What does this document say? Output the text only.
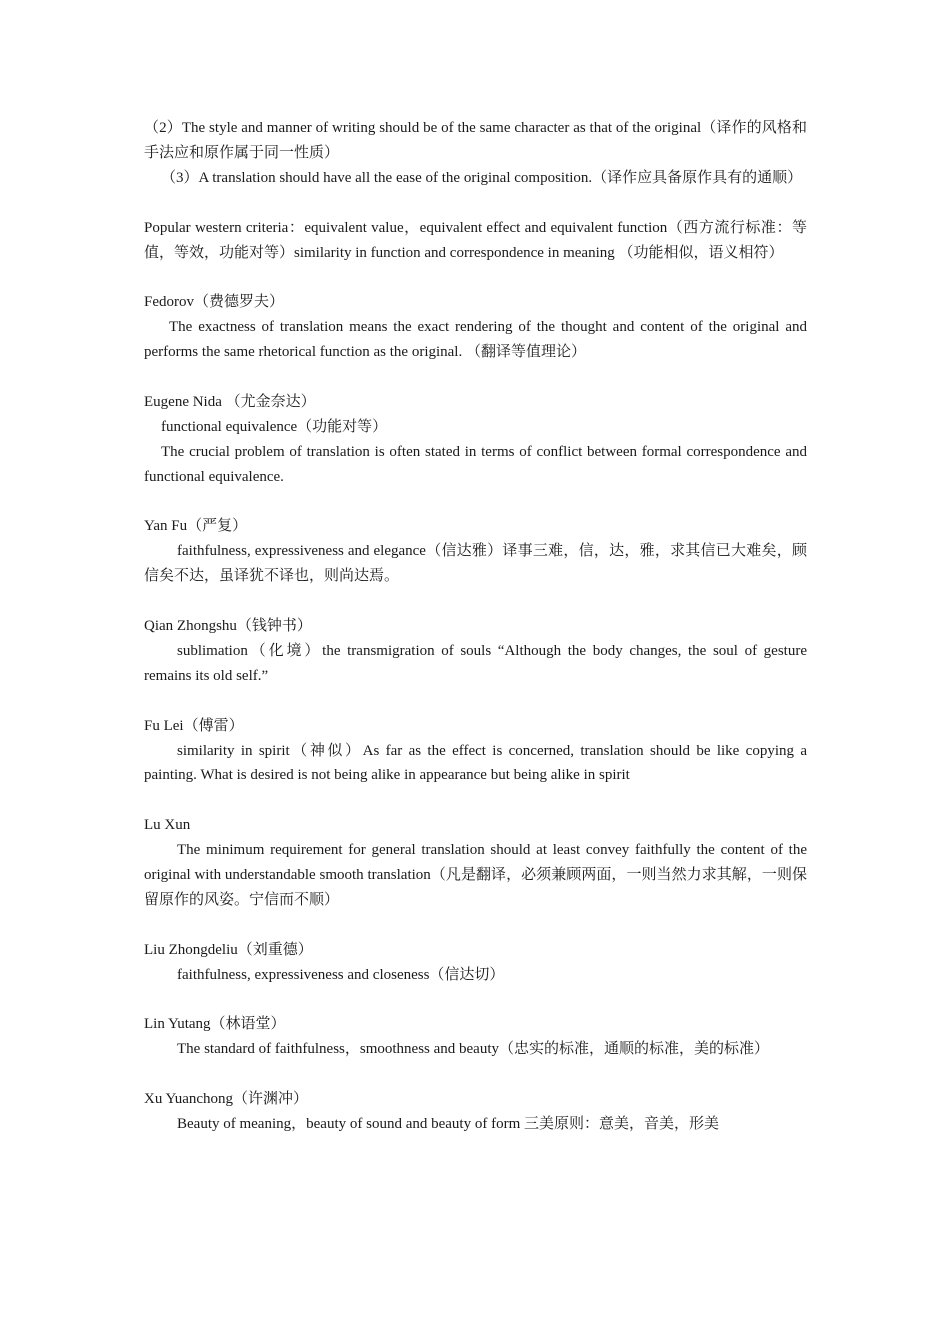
（2）The style and manner of writing should be of the same character as that of the original（译作的风格和手法应和原作属于同一性质）

（3）A translation should have all the ease of the original composition.（译作应具备原作具有的通顺）

Popular western criteria：equivalent value，equivalent effect and equivalent function（西方流行标准：等值，等效，功能对等）similarity in function and correspondence in meaning （功能相似，语义相符）

Fedorov（费德罗夫）

The exactness of translation means the exact rendering of the thought and content of the original and performs the same rhetorical function as the original. （翻译等值理论）

Eugene Nida （尤金奈达）

functional equivalence（功能对等）

The crucial problem of translation is often stated in terms of conflict between formal correspondence and functional equivalence.

Yan Fu（严复）

faithfulness, expressiveness and elegance（信达雅）译事三难，信，达，雅，求其信已大难矣，顾信矣不达，虽译犹不译也，则尚达焉。

Qian Zhongshu（钱钟书）

sublimation（化境）the transmigration of souls “Although the body changes, the soul of gesture remains its old self.”

Fu Lei（傅雷）

similarity in spirit（神似）As far as the effect is concerned, translation should be like copying a painting. What is desired is not being alike in appearance but being alike in spirit

Lu Xun

The minimum requirement for general translation should at least convey faithfully the content of the original with understandable smooth translation（凡是翻译，必须兼顾两面，一则当然力求其解，一则保留原作的风姿。宁信而不顺）

Liu Zhongdeliu（刘重德）

faithfulness, expressiveness and closeness（信达切）

Lin Yutang（林语堂）

The standard of faithfulness，smoothness and beauty（忠实的标准，通顺的标准，美的标准）

Xu Yuanchong（许渊冲）

Beauty of meaning，beauty of sound and beauty of form 三美原则：意美，音美，形美
